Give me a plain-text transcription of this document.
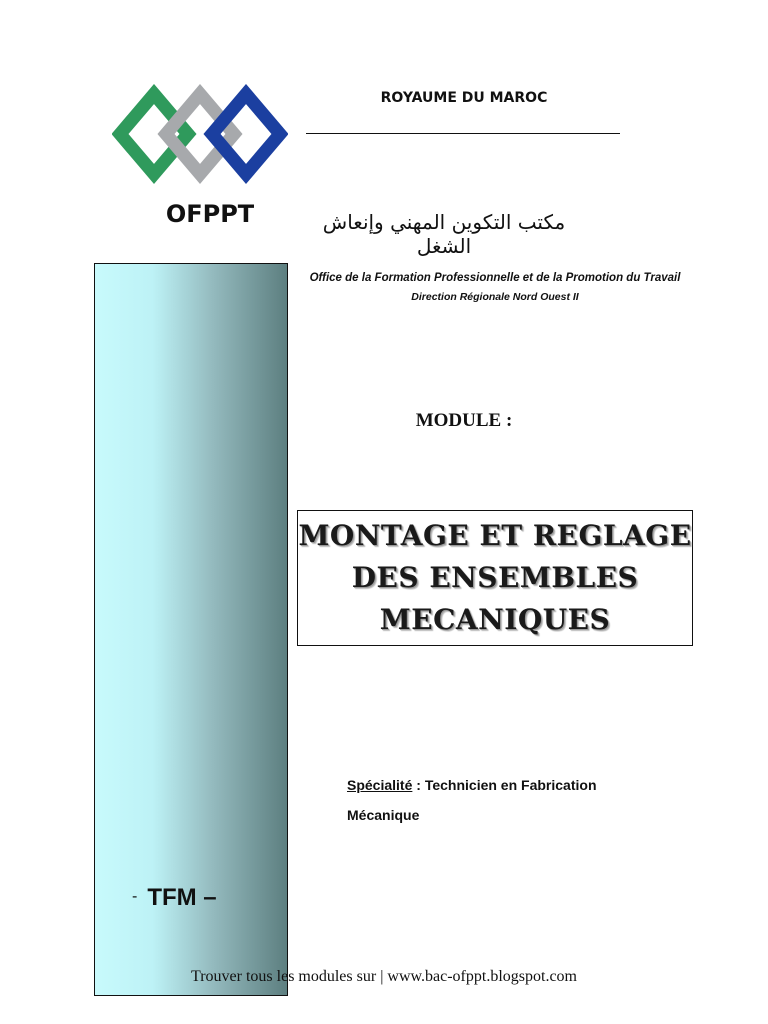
OFPPT
ROYAUME DU MAROC
مكتب التكوين المهني وإنعاش الشغل
Office de la Formation Professionnelle et de la Promotion du Travail
Direction Régionale Nord Ouest II
MODULE :
MONTAGE ET REGLAGE
DES ENSEMBLES
MECANIQUES
Spécialité : Technicien en Fabrication
Mécanique
- TFM –
Trouver tous les modules sur | www.bac-ofppt.blogspot.com
